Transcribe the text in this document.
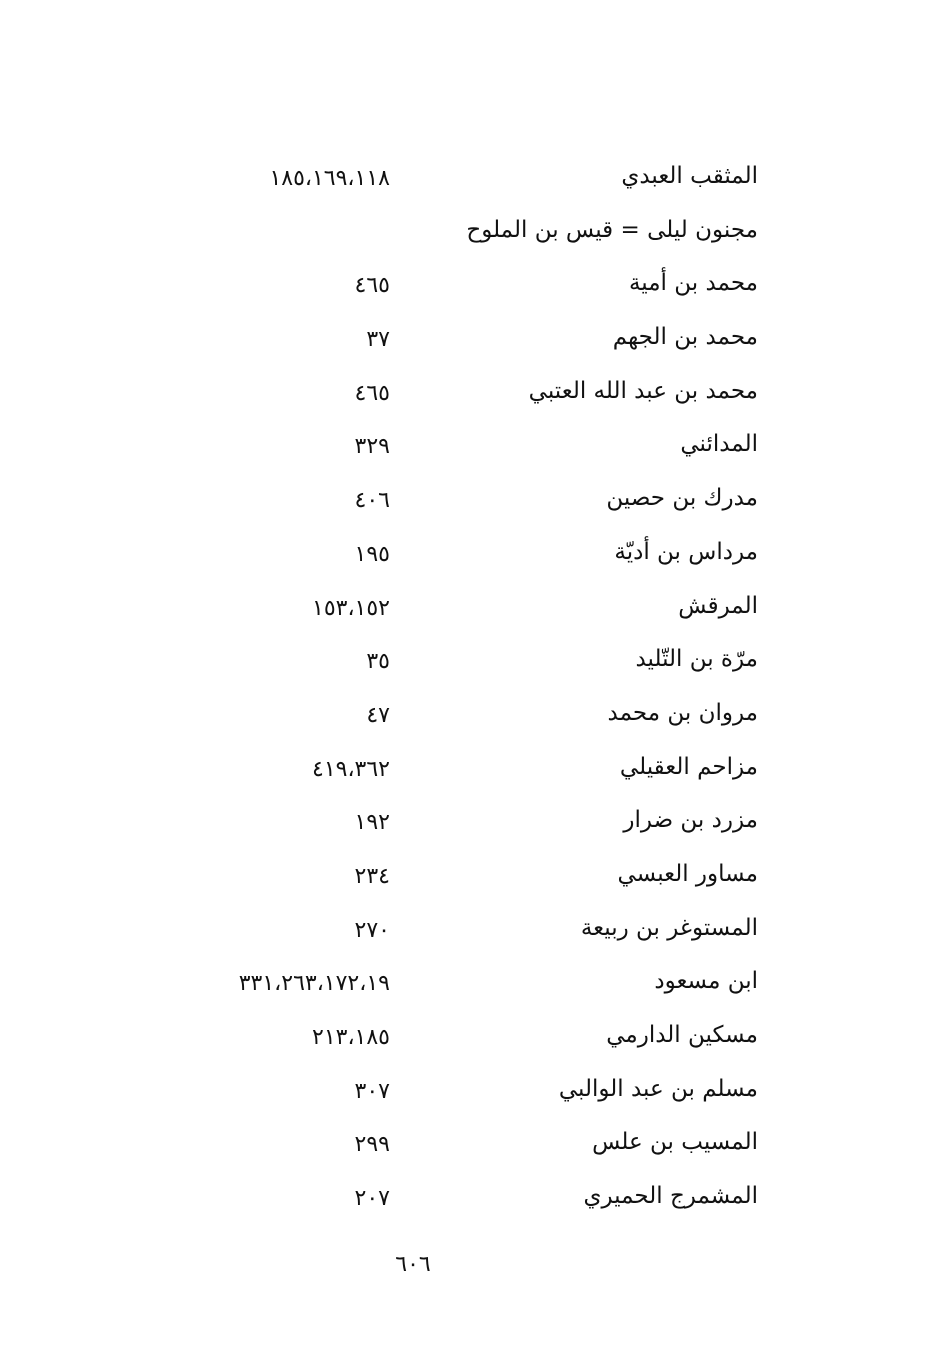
المثقب العبدي
١٨٥،١٦٩،١١٨
مجنون ليلى = قيس بن الملوح
محمد بن أمية
٤٦٥
محمد بن الجهم
٣٧
محمد بن عبد الله العتبي
٤٦٥
المدائني
٣٢٩
مدرك بن حصين
٤٠٦
مرداس بن أديّة
١٩٥
المرقش
١٥٣،١٥٢
مرّة بن التّليد
٣٥
مروان بن محمد
٤٧
مزاحم العقيلي
٤١٩،٣٦٢
مزرد بن ضرار
١٩٢
مساور العبسي
٢٣٤
المستوغر بن ربيعة
٢٧٠
ابن مسعود
٣٣١،٢٦٣،١٧٢،١٩
مسكين الدارمي
٢١٣،١٨٥
مسلم بن عبد الوالبي
٣٠٧
المسيب بن علس
٢٩٩
المشمرج الحميري
٢٠٧
٦٠٦
